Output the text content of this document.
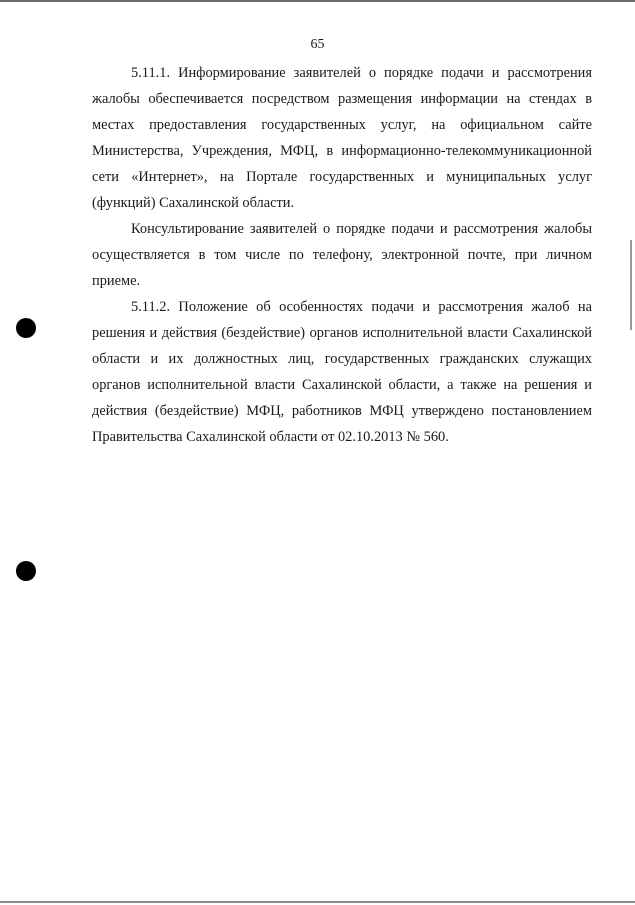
65

5.11.1. Информирование заявителей о порядке подачи и рассмотрения жалобы обеспечивается посредством размещения информации на стендах в местах предоставления государственных услуг, на официальном сайте Министерства, Учреждения, МФЦ, в информационно-телекоммуникационной сети «Интернет», на Портале государственных и муниципальных услуг (функций) Сахалинской области.

Консультирование заявителей о порядке подачи и рассмотрения жалобы осуществляется в том числе по телефону, электронной почте, при личном приеме.

5.11.2. Положение об особенностях подачи и рассмотрения жалоб на решения и действия (бездействие) органов исполнительной власти Сахалинской области и их должностных лиц, государственных гражданских служащих органов исполнительной власти Сахалинской области, а также на решения и действия (бездействие) МФЦ, работников МФЦ утверждено постановлением Правительства Сахалинской области от 02.10.2013 № 560.
